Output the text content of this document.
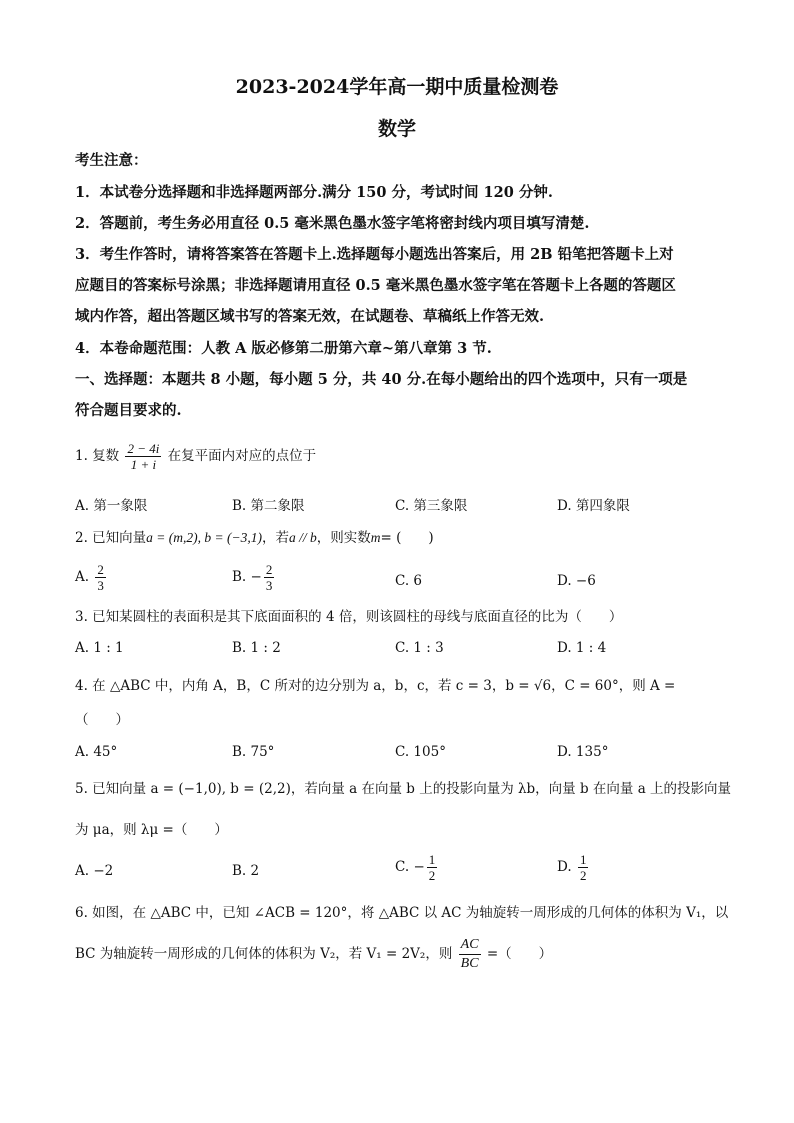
2023-2024学年高一期中质量检测卷
数学
考生注意：
1．本试卷分选择题和非选择题两部分.满分 150 分，考试时间 120 分钟.
2．答题前，考生务必用直径 0.5 毫米黑色墨水签字笔将密封线内项目填写清楚.
3．考生作答时，请将答案答在答题卡上.选择题每小题选出答案后，用 2B 铅笔把答题卡上对
应题目的答案标号涂黑；非选择题请用直径 0.5 毫米黑色墨水签字笔在答题卡上各题的答题区
域内作答，超出答题区域书写的答案无效，在试题卷、草稿纸上作答无效.
4．本卷命题范围：人教 A 版必修第二册第六章~第八章第 3 节.
一、选择题：本题共 8 小题，每小题 5 分，共 40 分.在每小题给出的四个选项中，只有一项是
符合题目要求的.
1. 复数 $\frac{2 - 4i}{1 + i}$ 在复平面内对应的点位于
A. 第一象限	B. 第二象限	C. 第三象限	D. 第四象限
2. 已知向量a = (m,2), b = (−3,1)，若a // b，则实数m= (　　)
A. $\frac{2}{3}$	B. − $\frac{2}{3}$	C. 6	D. −6
3. 已知某圆柱的表面积是其下底面面积的 4 倍，则该圆柱的母线与底面直径的比为（　　）
A. 1 : 1	B. 1 : 2	C. 1 : 3	D. 1 : 4
4. 在 △ABC 中，内角 A，B，C 所对的边分别为 a，b，c，若 c = 3，b = √6，C = 60°，则 A =
（　　）
A. 45°	B. 75°	C. 105°	D. 135°
5. 已知向量 a = (−1,0), b = (2,2)，若向量 a 在向量 b 上的投影向量为 λb，向量 b 在向量 a 上的投影向量
为 μa，则 λμ =（　　）
A. −2	B. 2	C. − $\frac{1}{2}$	D. $\frac{1}{2}$
6. 如图，在 △ABC 中，已知 ∠ACB = 120°，将 △ABC 以 AC 为轴旋转一周形成的几何体的体积为 V₁，以
BC 为轴旋转一周形成的几何体的体积为 V₂，若 V₁ = 2V₂，则 $\frac{AC}{BC}$ =（　　）
